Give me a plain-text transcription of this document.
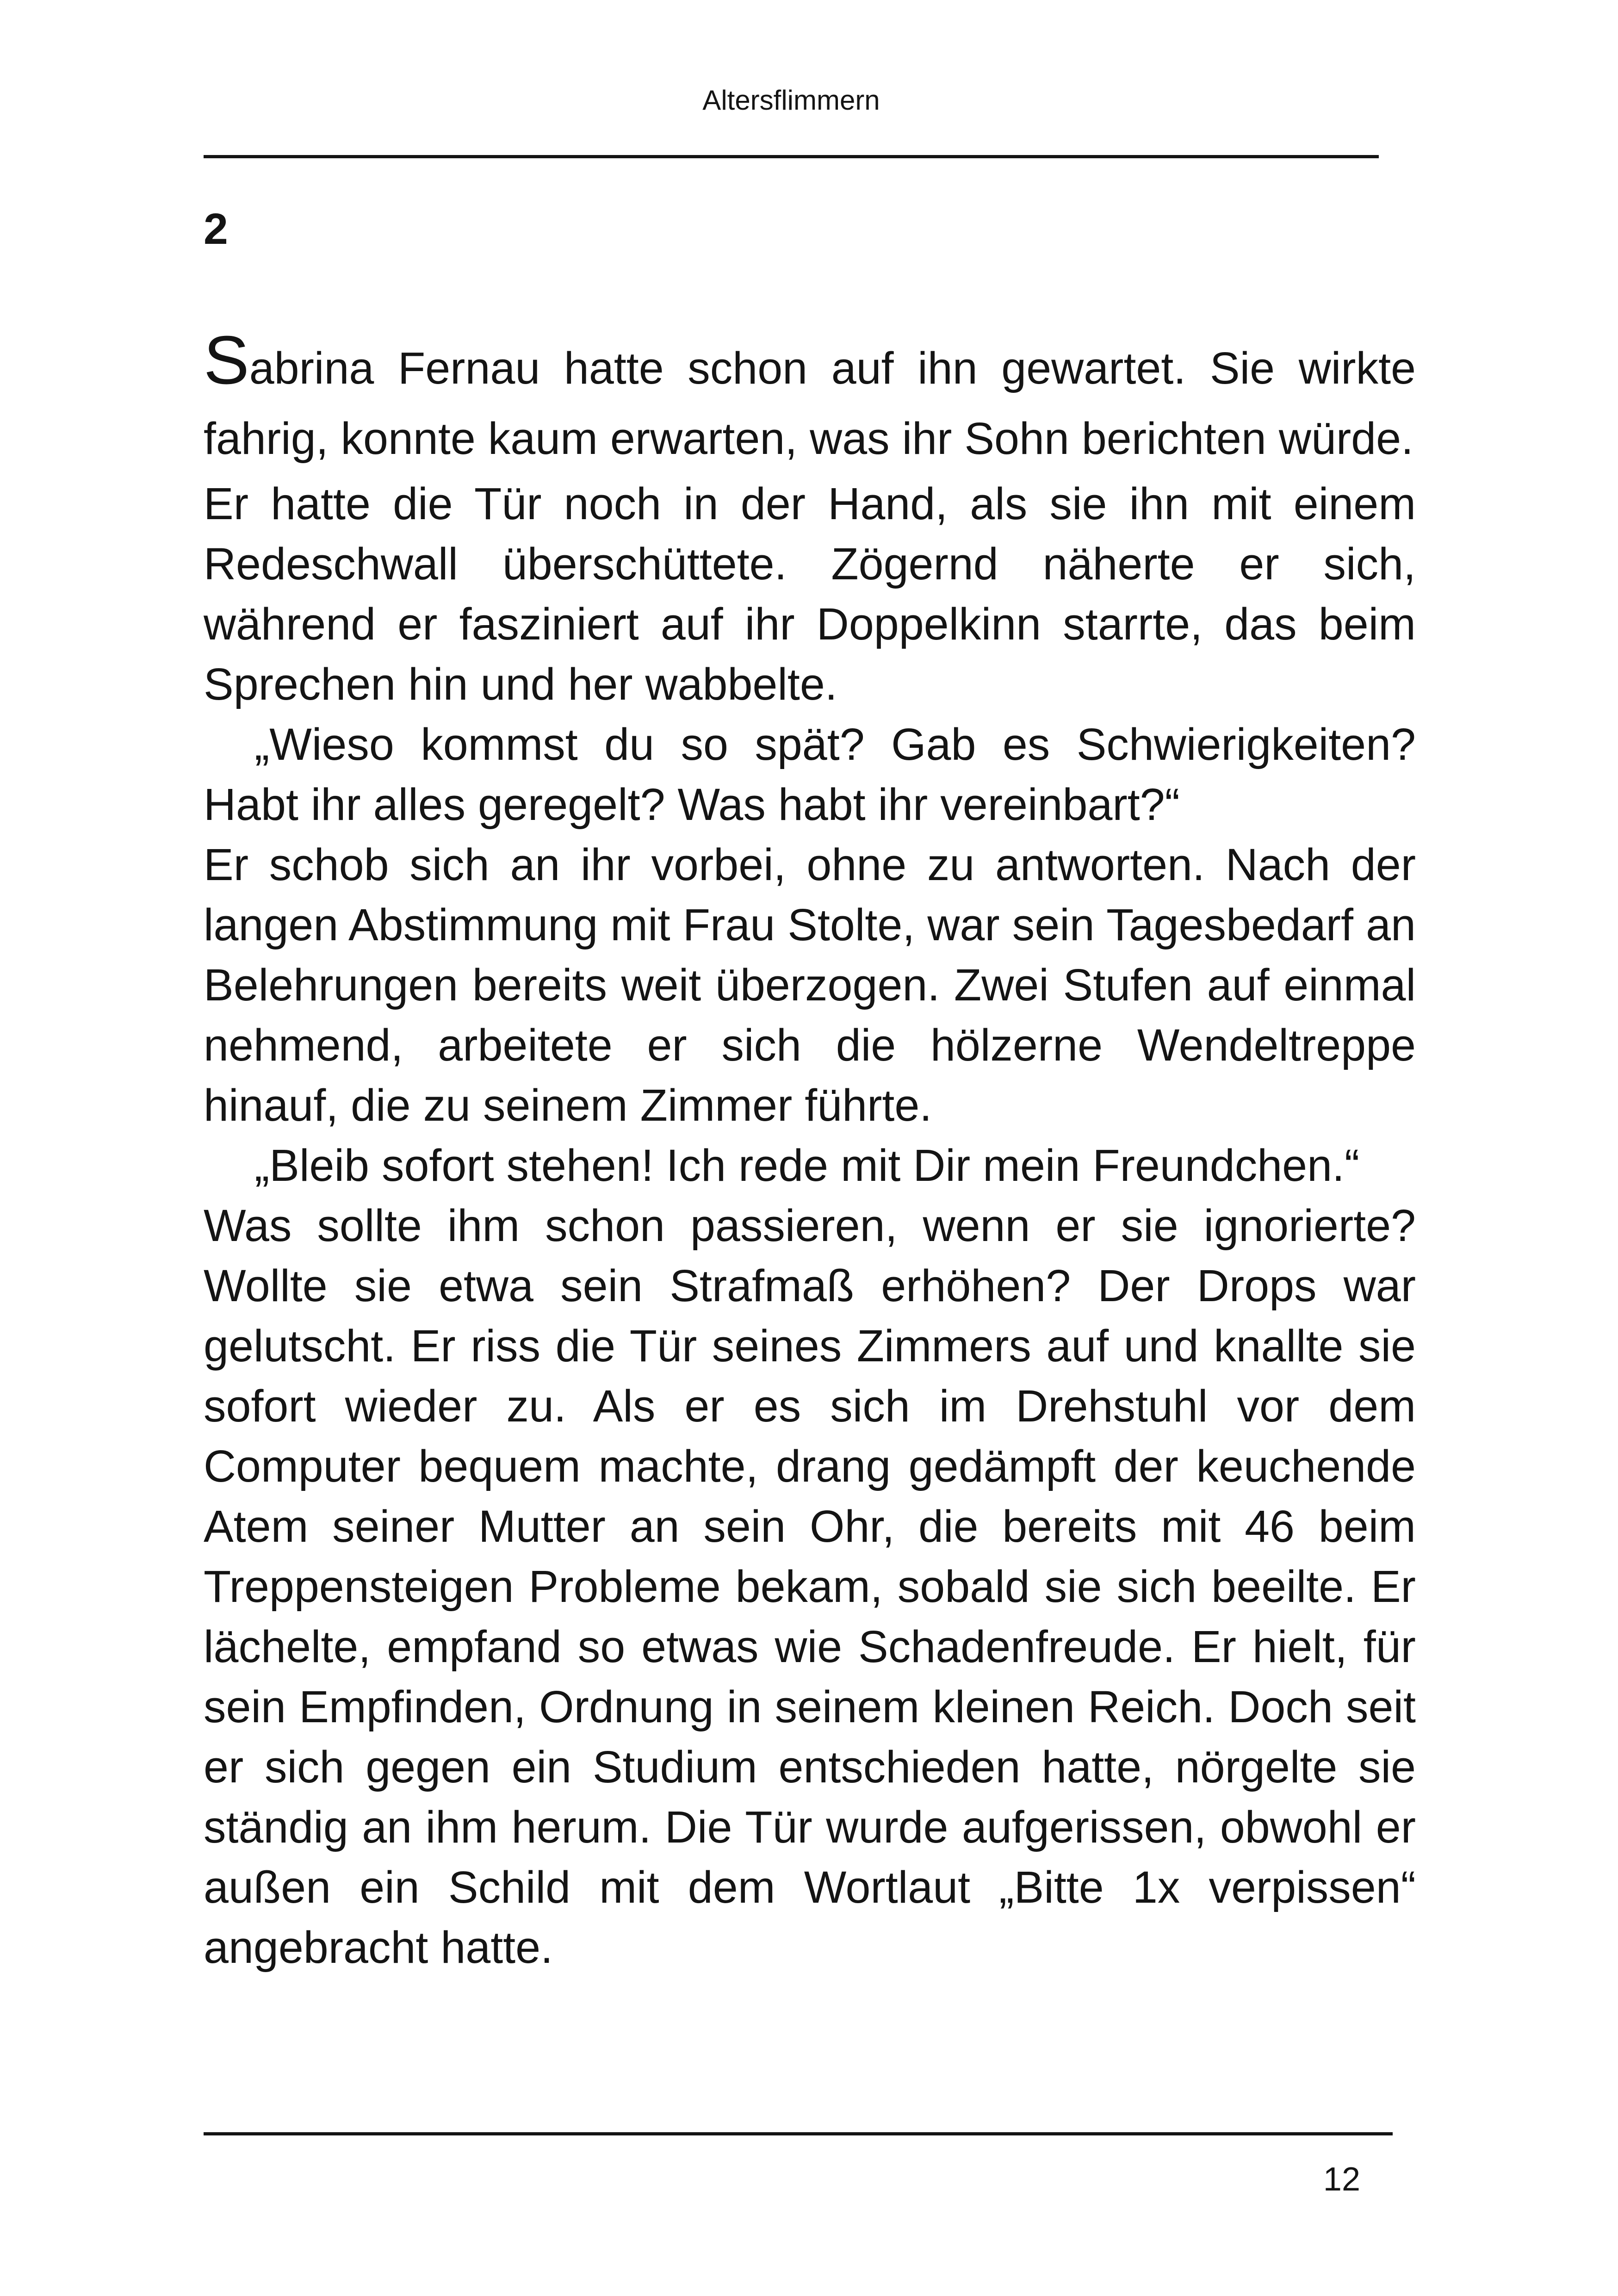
Altersflimmern
2

Sabrina Fernau hatte schon auf ihn gewartet. Sie wirkte fahrig, konnte kaum erwarten, was ihr Sohn berichten würde.

Er hatte die Tür noch in der Hand, als sie ihn mit einem Redeschwall überschüttete. Zögernd näherte er sich, während er fasziniert auf ihr Doppelkinn starrte, das beim Sprechen hin und her wabbelte.

„Wieso kommst du so spät? Gab es Schwierigkeiten? Habt ihr alles geregelt? Was habt ihr vereinbart?“

Er schob sich an ihr vorbei, ohne zu antworten. Nach der langen Abstimmung mit Frau Stolte, war sein Tagesbedarf an Belehrungen bereits weit überzogen. Zwei Stufen auf einmal nehmend, arbeitete er sich die hölzerne Wendeltreppe hinauf, die zu seinem Zimmer führte.

„Bleib sofort stehen! Ich rede mit Dir mein Freundchen.“

Was sollte ihm schon passieren, wenn er sie ignorierte? Wollte sie etwa sein Strafmaß erhöhen? Der Drops war gelutscht. Er riss die Tür seines Zimmers auf und knallte sie sofort wieder zu. Als er es sich im Drehstuhl vor dem Computer bequem machte, drang gedämpft der keuchende Atem seiner Mutter an sein Ohr, die bereits mit 46 beim Treppensteigen Probleme bekam, sobald sie sich beeilte. Er lächelte, empfand so etwas wie Schadenfreude. Er hielt, für sein Empfinden, Ordnung in seinem kleinen Reich. Doch seit er sich gegen ein Studium entschieden hatte, nörgelte sie ständig an ihm herum. Die Tür wurde aufgerissen, obwohl er außen ein Schild mit dem Wortlaut „Bitte 1x verpissen“ angebracht hatte.

12
